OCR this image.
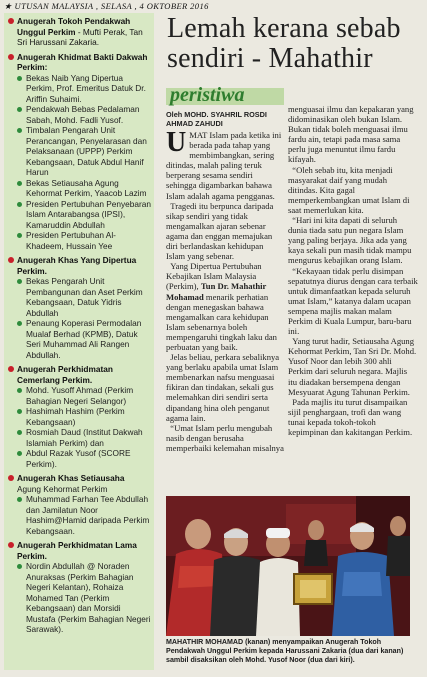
★ UTUSAN MALAYSIA , SELASA , 4 OKTOBER 2016
Anugerah Tokoh Pendakwah Unggul Perkim - Mufti Perak, Tan Sri Harussani Zakaria.
Anugerah Khidmat Bakti Dakwah Perkim:
Bekas Naib Yang Dipertua Perkim, Prof. Emeritus Datuk Dr. Ariffin Suhaimi.
Pendakwah Bebas Pedalaman Sabah, Mohd. Fadli Yusof.
Timbalan Pengarah Unit Perancangan, Penyelarasan dan Pelaksanaan (UPPP) Perkim Kebangsaan, Datuk Abdul Hanif Harun
Bekas Setiausaha Agung Kehormat Perkim, Yaacob Lazim
Presiden Pertubuhan Penyebaran Islam Antarabangsa (IPSI), Kamaruddin Abdullah
Presiden Pertubuhan Al-Khadeem, Hussain Yee
Anugerah Khas Yang Dipertua Perkim.
Bekas Pengarah Unit Pembangunan dan Aset Perkim Kebangsaan, Datuk Yidris Abdullah
Penaung Koperasi Permodalan Mualaf Berhad (KPMB), Datuk Seri Muhammad Ali Rangen Abdullah.
Anugerah Perkhidmatan Cemerlang Perkim.
Mohd. Yusoff Ahmad (Perkim Bahagian Negeri Selangor)
Hashimah Hashim (Perkim Kebangsaan)
Rosmiah Daud (Institut Dakwah Islamiah Perkim) dan
Abdul Razak Yusof (SCORE Perkim).
Anugerah Khas Setiausaha
Agung Kehormat Perkim
Muhammad Farhan Tee Abdullah dan Jamilatun Noor Hashim@Hamid daripada Perkim Kebangsaan.
Anugerah Perkhidmatan Lama Perkim.
Nordin Abdullah @ Noraden Anuraksas (Perkim Bahagian Negeri Kelantan), Rohaiza Mohamed Tan (Perkim Kebangsaan) dan Morsidi Mustafa (Perkim Bahagian Negeri Sarawak).
Lemah kerana sebab sendiri - Mahathir
peristiwa
Oleh MOHD. SYAHRIL ROSDI AHMAD ZAHUDI

UMAT Islam pada ketika ini berada pada tahap yang membimbangkan, sering ditindas, malah paling teruk berperang sesama sendiri sehingga digambarkan bahawa Islam adalah agama pengganas.

Tragedi itu berpunca daripada sikap sendiri yang tidak mengamalkan ajaran sebenar agama dan enggan memajukan diri berlandaskan kehidupan Islam yang sebenar.

Yang Dipertua Pertubuhan Kebajikan Islam Malaysia (Perkim), Tun Dr. Mahathir Mohamad menarik perhatian dengan menegaskan bahawa mengamalkan cara kehidupan Islam sebenarnya boleh mempengaruhi tingkah laku dan perbuatan yang baik.

Jelas beliau, perkara sebaliknya yang berlaku apabila umat Islam membenarkan nafsu menguasai fikiran dan tindakan, sekali gus melemahkan diri sendiri serta dipandang hina oleh penganut agama lain.

“Umat Islam perlu mengubah nasib dengan berusaha memperbaiki kelemahan misalnya

menguasai ilmu dan kepakaran yang didominasikan oleh bukan Islam. Bukan tidak boleh menguasai ilmu fardu ain, tetapi pada masa sama perlu juga menuntut ilmu fardu kifayah.

“Oleh sebab itu, kita menjadi masyarakat daif yang mudah ditindas. Kita gagal memperkembangkan umat Islam di saat memerlukan kita.

“Hari ini kita dapati di seluruh dunia tiada satu pun negara Islam yang paling berjaya. Jika ada yang kaya sekali pun masih tidak mampu mengurus kebajikan orang Islam.

“Kekayaan tidak perlu disimpan sepatutnya diurus dengan cara terbaik untuk dimanfaatkan kepada seluruh umat Islam,” katanya dalam ucapan sempena majlis makan malam Perkim di Kuala Lumpur, baru-baru ini.

Yang turut hadir, Setiausaha Agung Kehormat Perkim, Tan Sri Dr. Mohd. Yusof Noor dan lebih 300 ahli Perkim dari seluruh negara. Majlis itu diadakan bersempena dengan Mesyuarat Agung Tahunan Perkim.

Pada majlis itu turut disampaikan sijil penghargaan, trofi dan wang tunai kepada tokoh-tokoh kepimpinan dan kakitangan Perkim.

MAHATHIR MOHAMAD (kanan) menyampaikan Anugerah Tokoh Pendakwah Unggul Perkim kepada Harussani Zakaria (dua dari kanan) sambil disaksikan oleh Mohd. Yusof Noor (dua dari kiri).
